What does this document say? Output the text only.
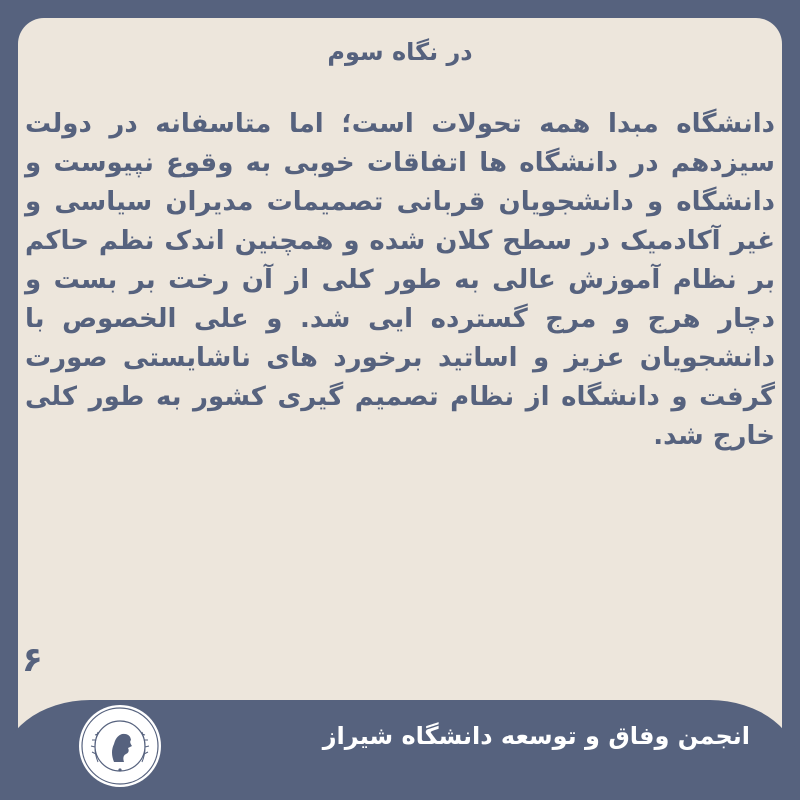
در نگاه سوم

دانشگاه مبدا همه تحولات است؛ اما متاسفانه در دولت سیزدهم در دانشگاه ها اتفاقات خوبی به وقوع نپیوست و دانشگاه و دانشجویان قربانی تصمیمات مدیران سیاسی و غیر آکادمیک در سطح کلان شده و همچنین اندک نظم حاکم بر نظام آموزش عالی به طور کلی از آن رخت بر بست و دچار هرج و مرج گسترده ایی شد. و علی الخصوص با دانشجویان عزیز و اساتید برخورد های ناشایستی صورت گرفت و دانشگاه از نظام تصمیم گیری کشور به طور کلی خارج شد.

۶
انجمن وفاق و توسعه دانشگاه شیراز
